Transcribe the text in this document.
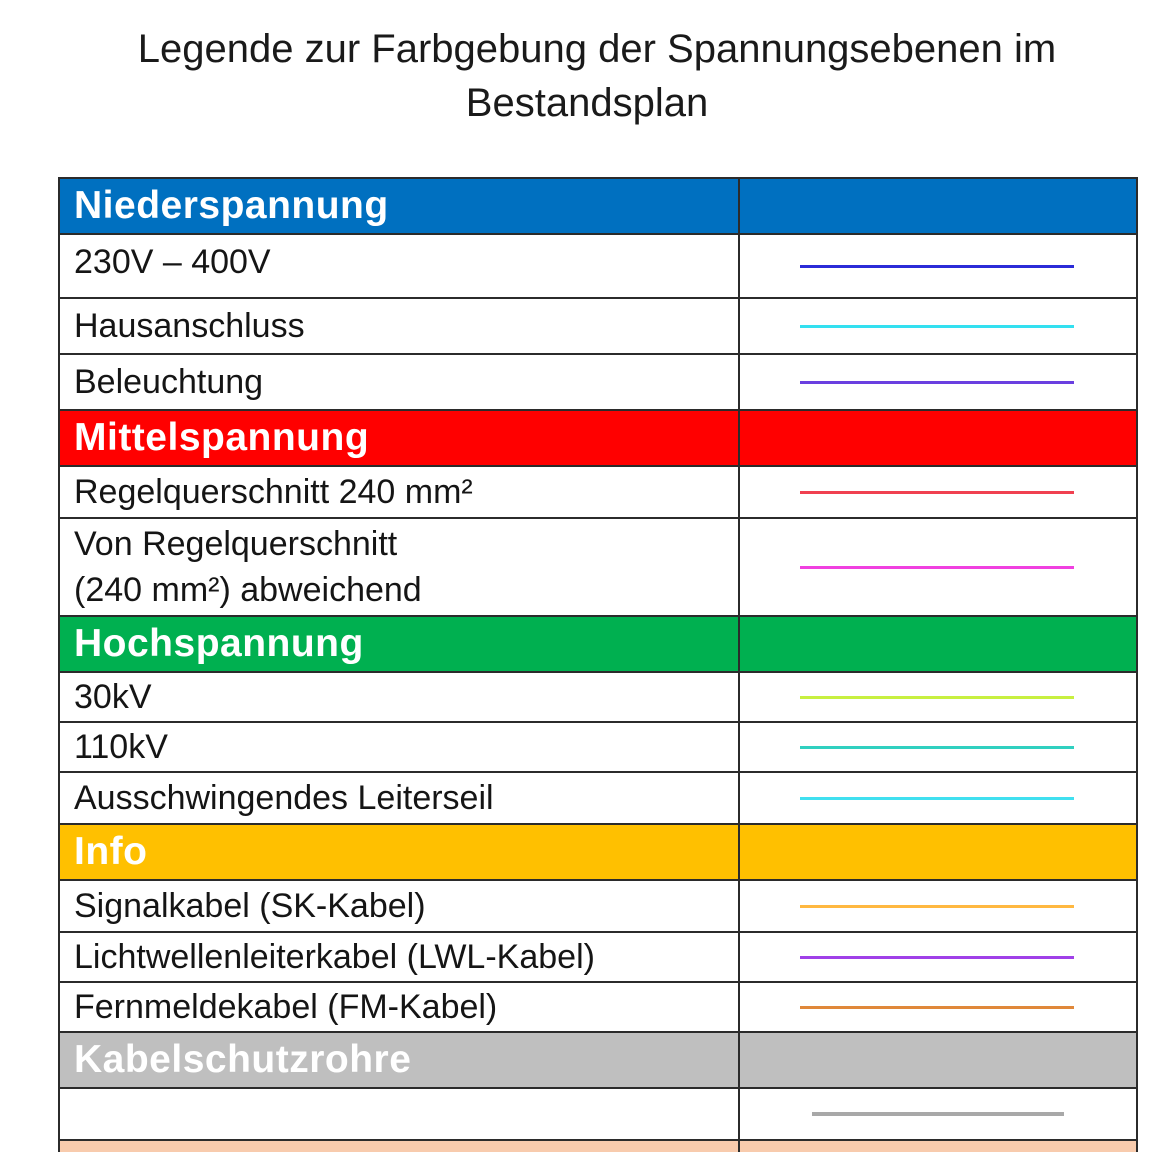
Legende zur Farbgebung der Spannungsebenen im
Bestandsplan
Niederspannung	
230V – 400V	

Hausanschluss	

Beleuchtung	

Mittelspannung	
Regelquerschnitt 240 mm²	

Von Regelquerschnitt
(240 mm²) abweichend	

Hochspannung	
30kV	

110kV	

Ausschwingendes Leiterseil	

Info	
Signalkabel (SK-Kabel)	

Lichtwellenleiterkabel (LWL-Kabel)	

Fernmeldekabel (FM-Kabel)	

Kabelschutzrohre	
